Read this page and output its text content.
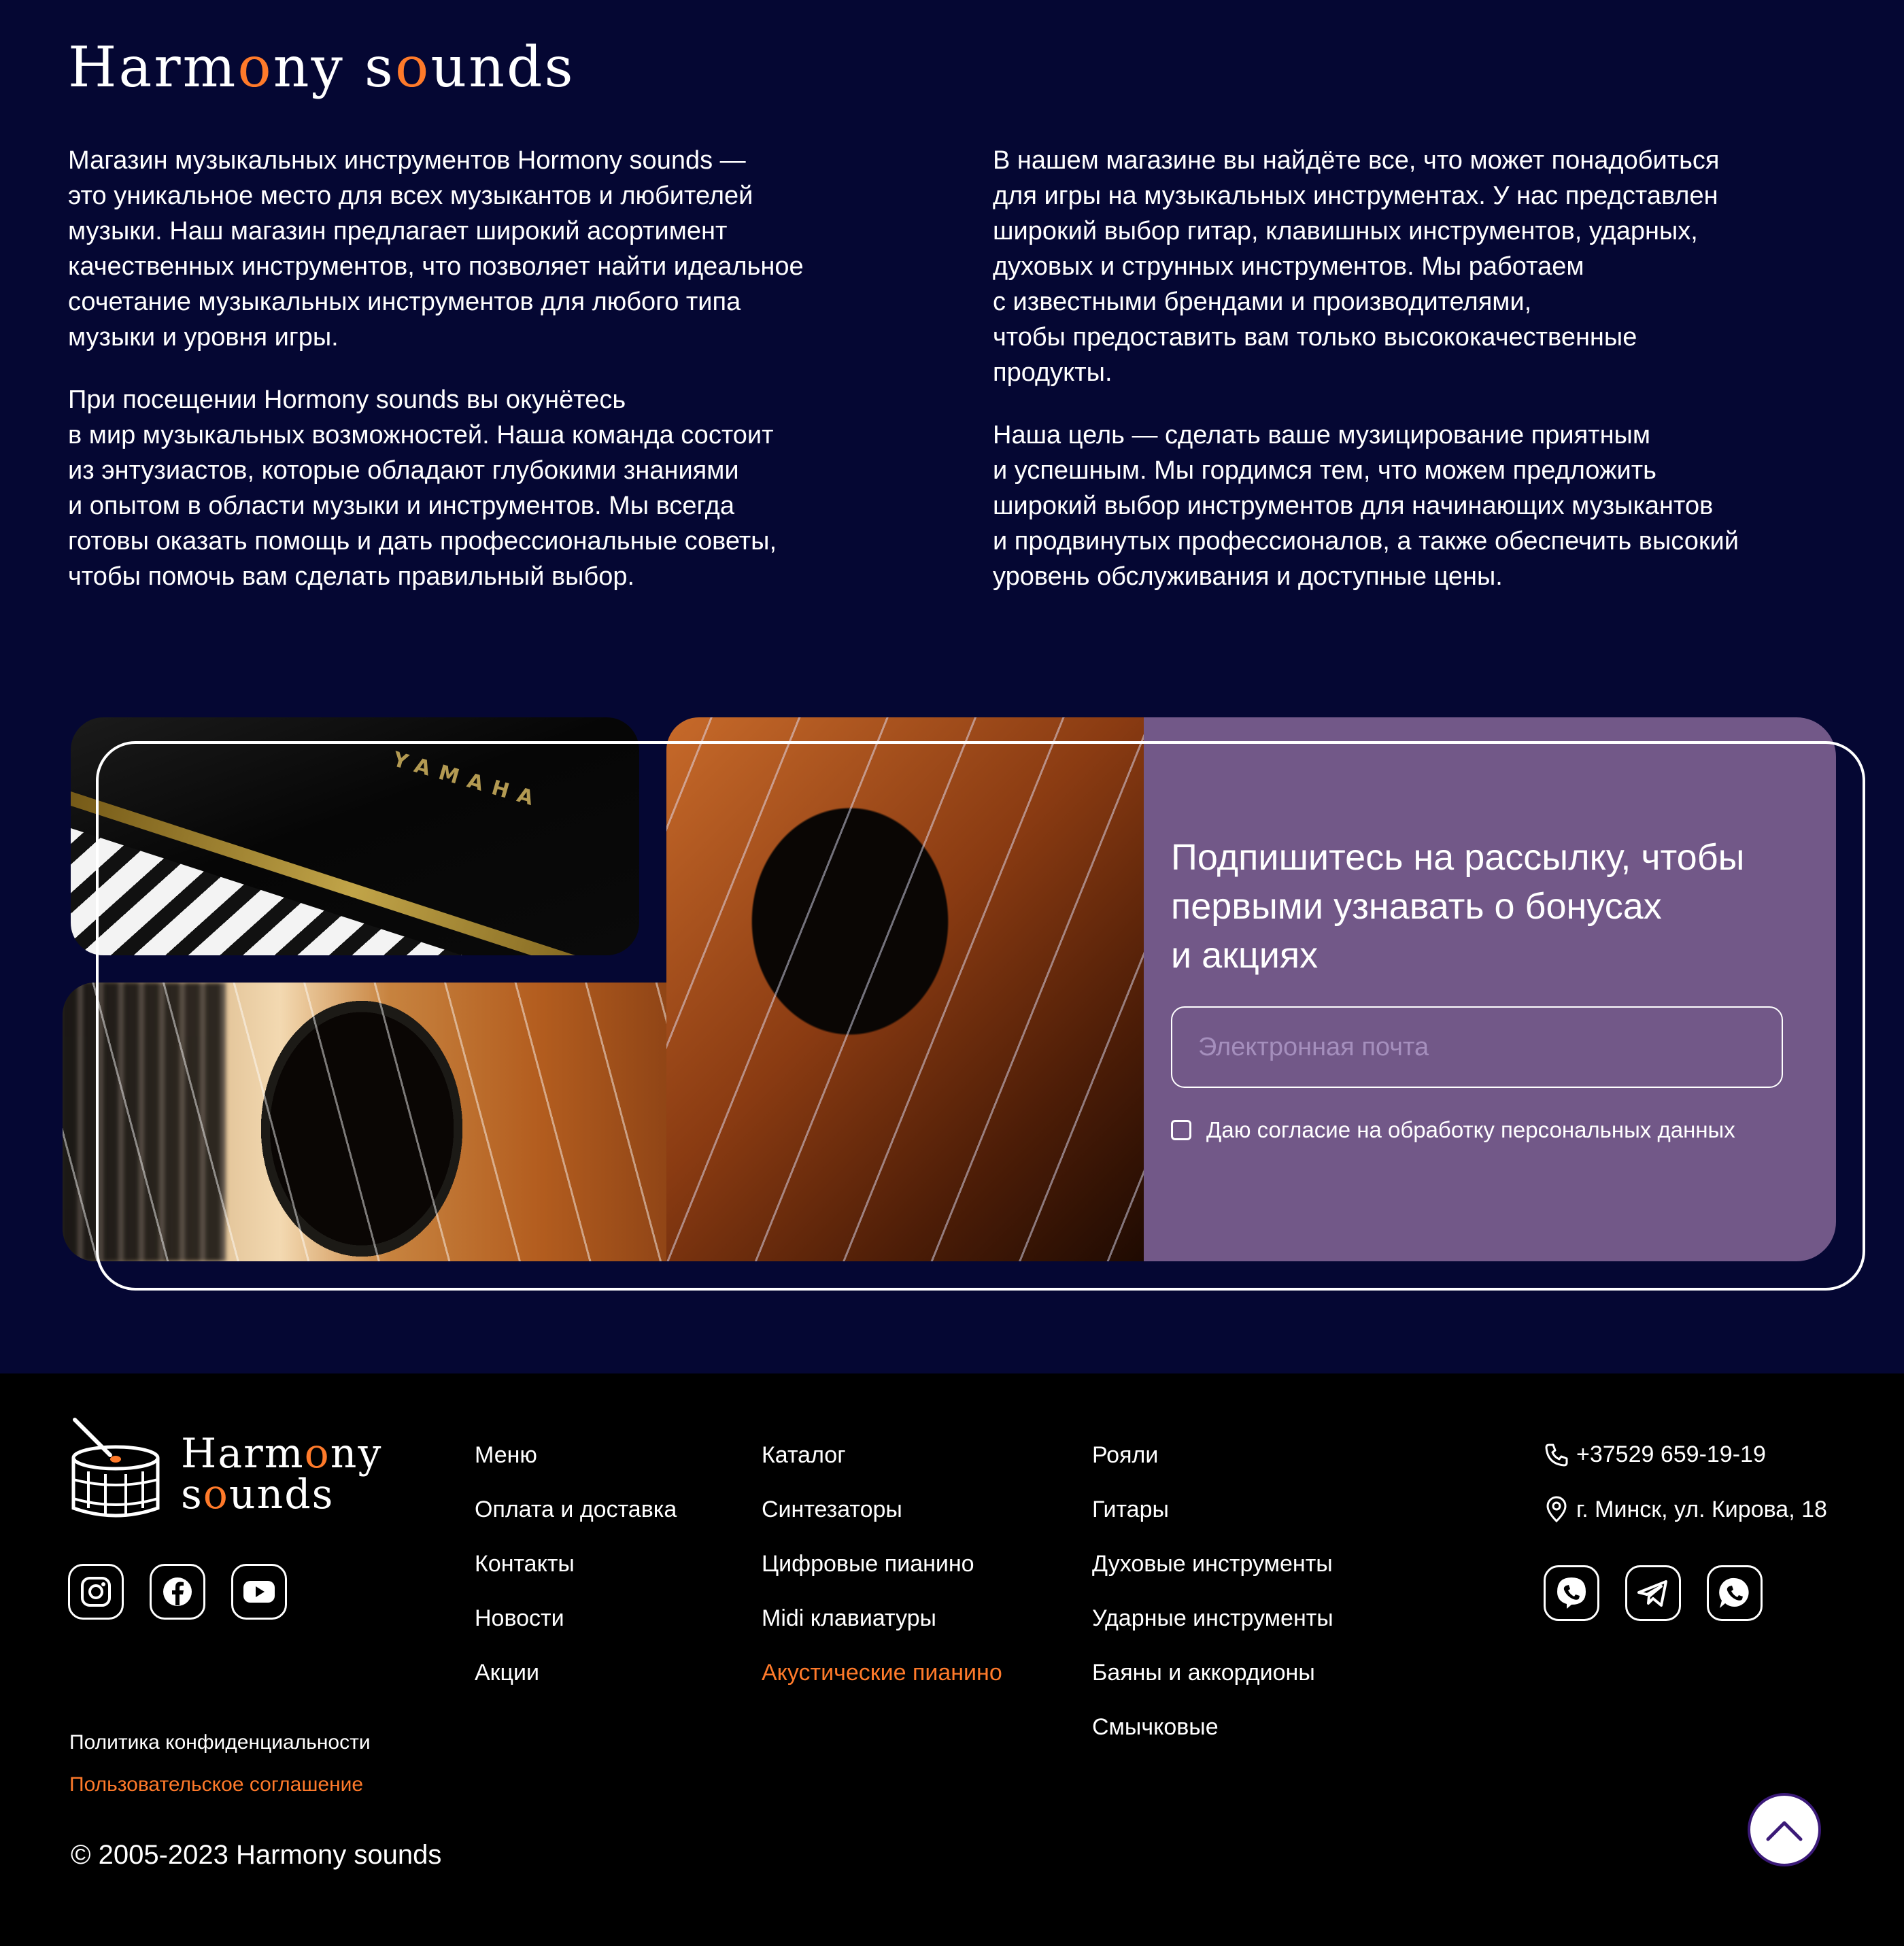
Harmony sounds

Магазин музыкальных инструментов Hormony sounds —
это уникальное место для всех музыкантов и любителей
музыки. Наш магазин предлагает широкий асортимент
качественных инструментов, что позволяет найти идеальное
сочетание музыкальных инструментов для любого типа
музыки и уровня игры.

При посещении Hormony sounds вы окунётесь
в мир музыкальных возможностей. Наша команда состоит
из энтузиастов, которые обладают глубокими знаниями
и опытом в области музыки и инструментов. Мы всегда
готовы оказать помощь и дать профессиональные советы,
чтобы помочь вам сделать правильный выбор.

В нашем магазине вы найдёте все, что может понадобиться
для игры на музыкальных инструментах. У нас представлен
широкий выбор гитар, клавишных инструментов, ударных,
духовых и струнных инструментов. Мы работаем
с известными брендами и производителями,
чтобы предоставить вам только высококачественные
продукты.

Наша цель — сделать ваше музицирование приятным
и успешным. Мы гордимся тем, что можем предложить
широкий выбор инструментов для начинающих музыкантов
и продвинутых профессионалов, а также обеспечить высокий
уровень обслуживания и доступные цены.

YAMAHA
Подпишитесь на рассылку, чтобы
первыми узнавать о бонусах
и акциях
Электронная почта
Даю согласие на обработку персональных данных
Harmony
sounds
Меню
Оплата и доставка
Контакты
Новости
Акции
Каталог
Синтезаторы
Цифровые пианино
Midi клавиатуры
Акустические пианино
Рояли
Гитары
Духовые инструменты
Ударные инструменты
Баяны и аккордионы
Смычковые
+37529 659-19-19
г. Минск, ул. Кирова, 18
Политика конфиденциальности
Пользовательское соглашение
© 2005-2023 Harmony sounds
